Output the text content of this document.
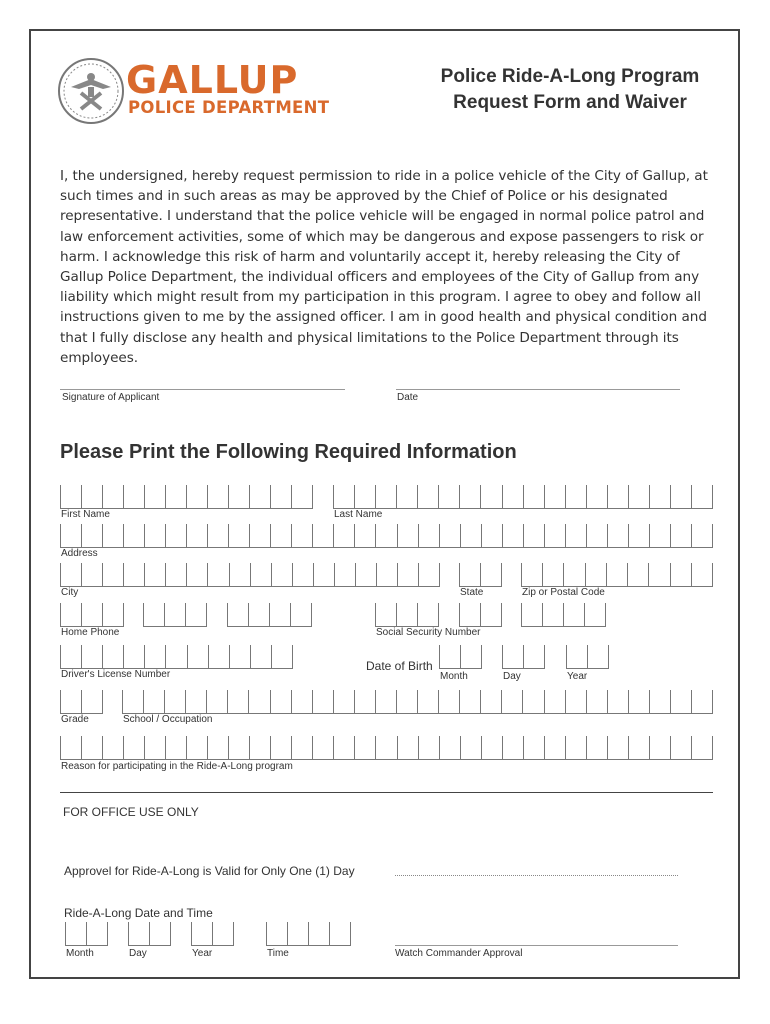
GALLUP
POLICE DEPARTMENT
Police Ride-A-Long Program
Request Form and Waiver
I, the undersigned, hereby request permission to ride in a police vehicle of the City of Gallup, at such times and in such areas as may be approved by the Chief of Police or his designated representative. I understand that the police vehicle will be engaged in normal police patrol and law enforcement activities, some of which may be dangerous and expose passengers to risk or harm. I acknowledge this risk of harm and voluntarily accept it, hereby releasing the City of Gallup Police Department, the individual officers and employees of the City of Gallup from any liability which might result from my participation in this program. I agree to obey and follow all instructions given to me by the assigned officer. I am in good health and physical condition and that I fully disclose any health and physical limitations to the Police Department through its employees.
Signature of Applicant	Date
Please Print the Following Required Information
First Name	Last Name
Address
City	State	Zip or Postal Code
Home Phone	Social Security Number
Driver's License Number
Date of Birth
Month	Day	Year
Grade	School / Occupation
Reason for participating in the Ride-A-Long program
FOR OFFICE USE ONLY
Approvel for Ride-A-Long is Valid for Only One (1) Day
Ride-A-Long Date and Time
Month	Day	Year	Time	Watch Commander Approval
